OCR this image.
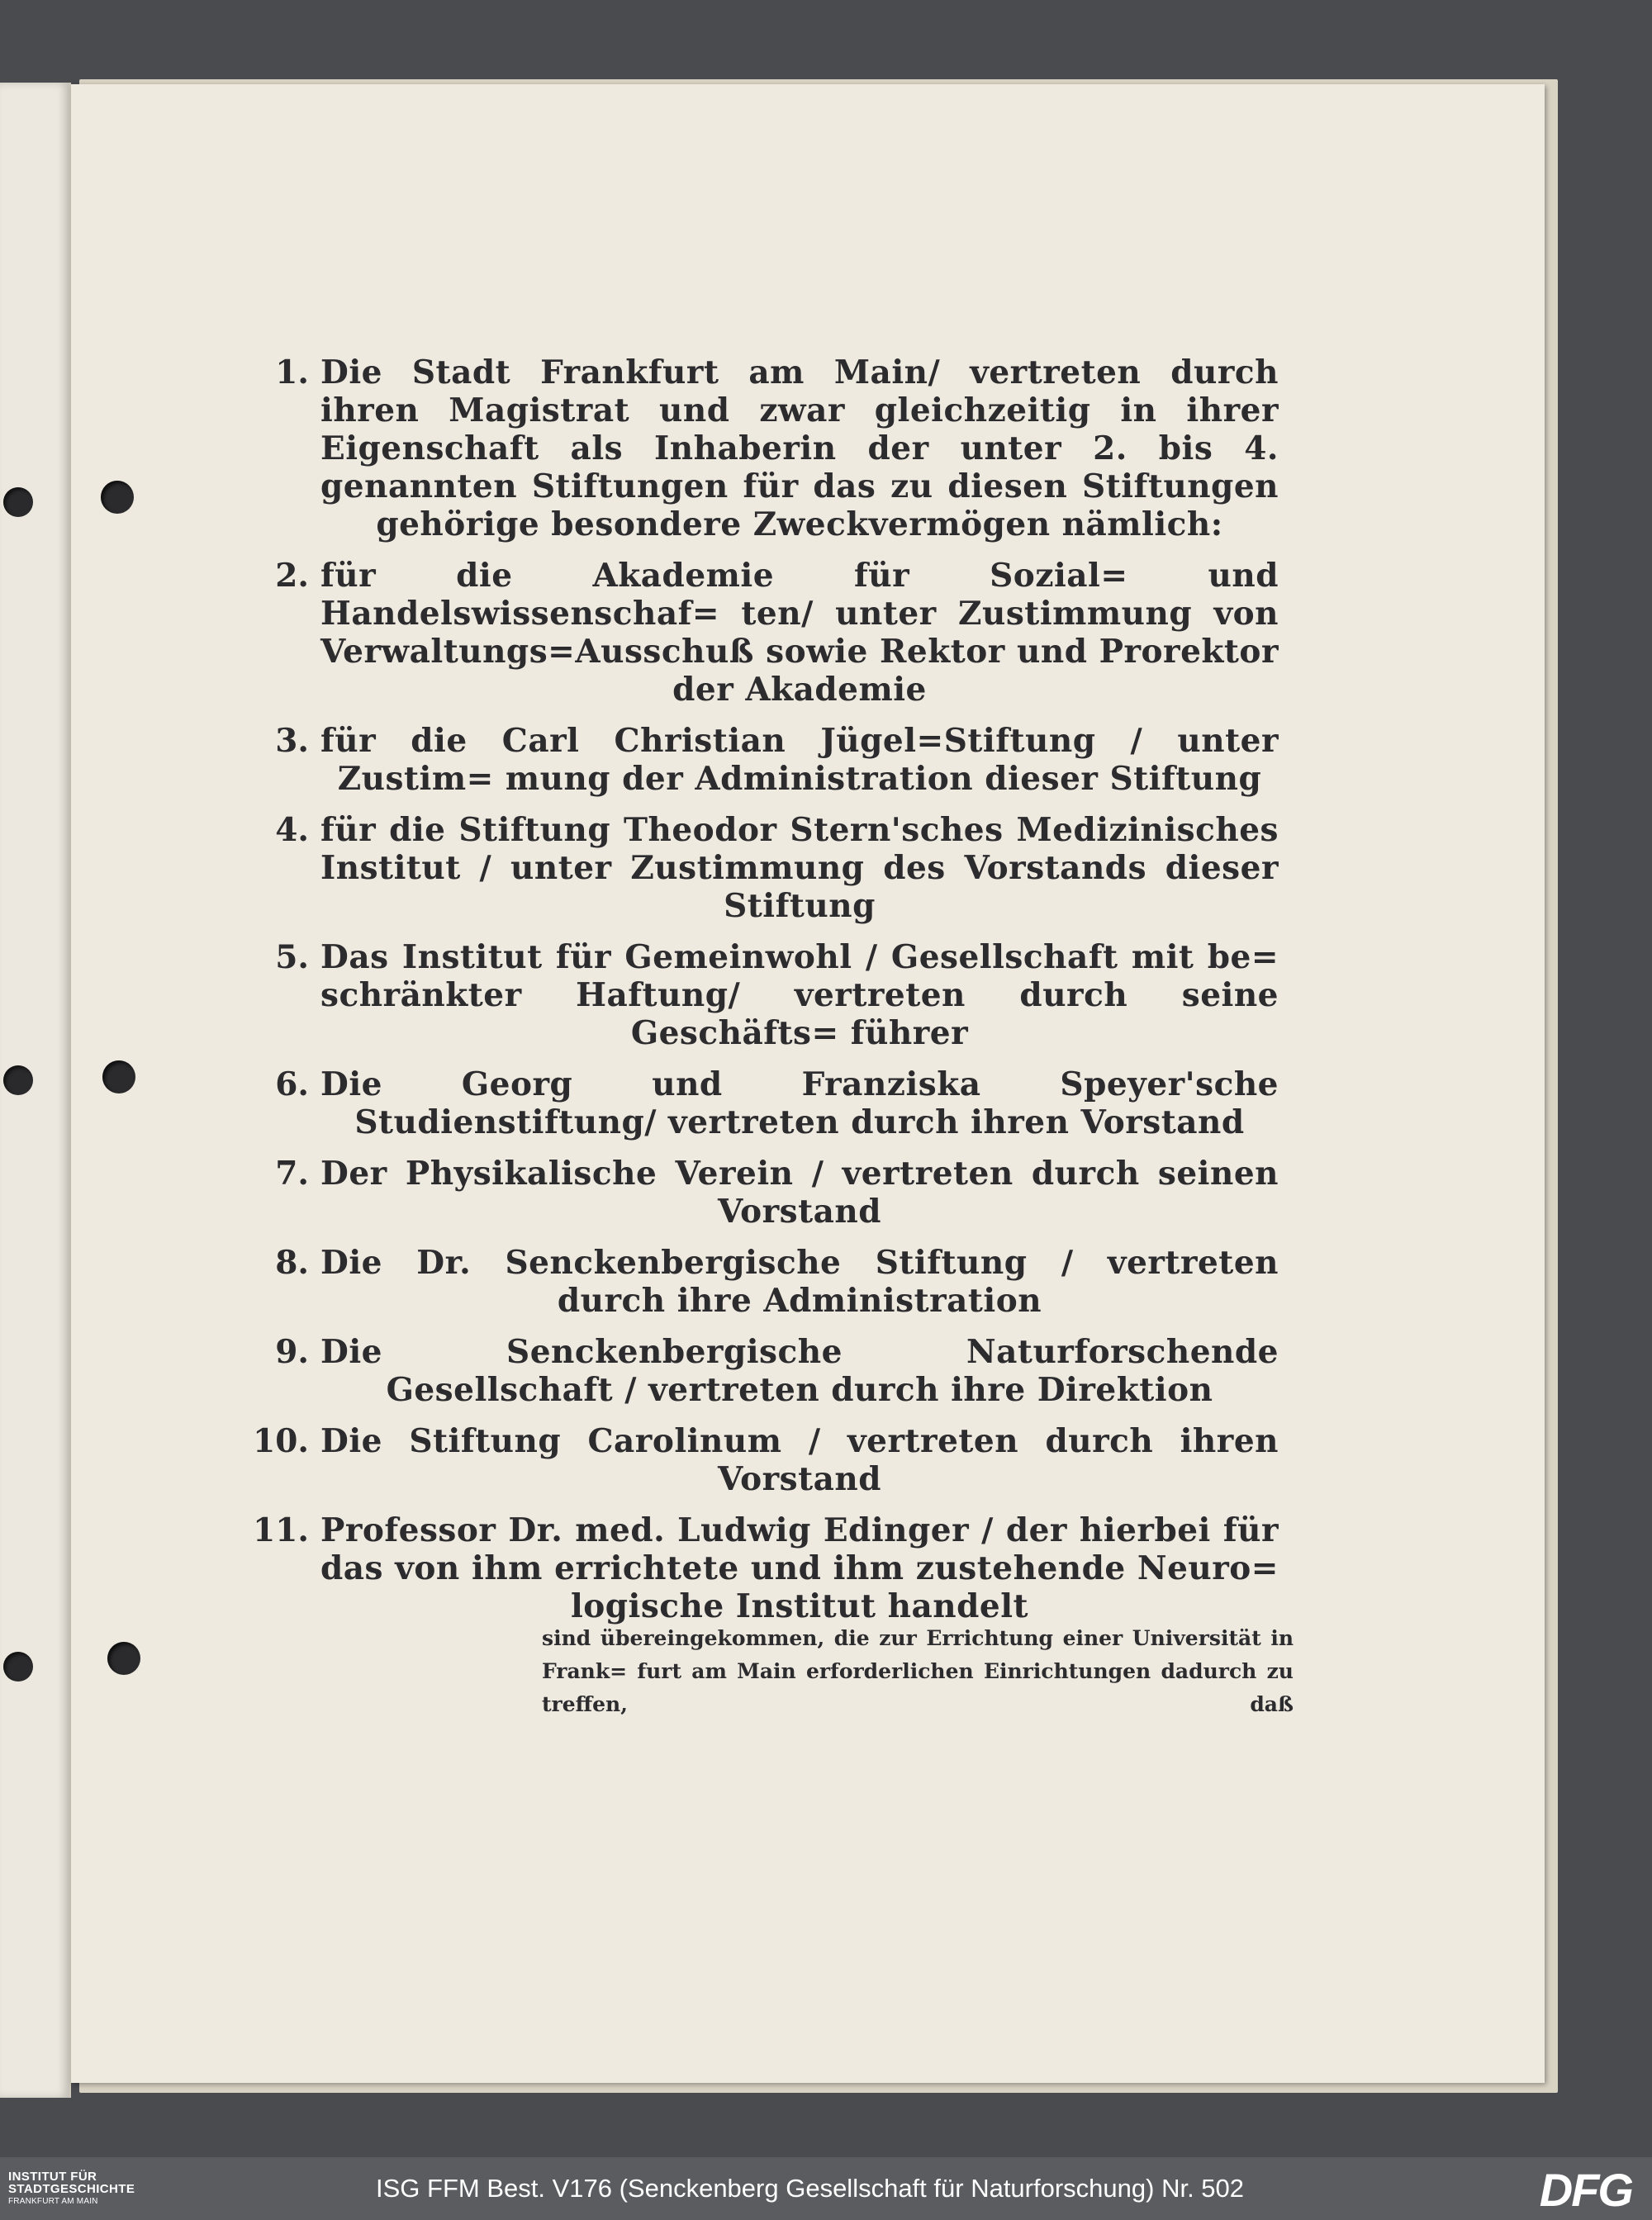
1. Die Stadt Frankfurt am Main/ vertreten durch ihren Magistrat und zwar gleichzeitig in ihrer Eigenschaft als Inhaberin der unter 2. bis 4. genannten Stiftungen für das zu diesen Stiftungen gehörige besondere Zweckvermögen nämlich:
2. für die Akademie für Sozial= und Handelswissenschaf= ten/ unter Zustimmung von Verwaltungs=Ausschuß sowie Rektor und Prorektor der Akademie
3. für die Carl Christian Jügel=Stiftung / unter Zustim= mung der Administration dieser Stiftung
4. für die Stiftung Theodor Stern'sches Medizinisches Institut / unter Zustimmung des Vorstands dieser Stiftung
5. Das Institut für Gemeinwohl / Gesellschaft mit be= schränkter Haftung/ vertreten durch seine Geschäfts= führer
6. Die Georg und Franziska Speyer'sche Studienstiftung/ vertreten durch ihren Vorstand
7. Der Physikalische Verein / vertreten durch seinen Vorstand
8. Die Dr. Senckenbergische Stiftung / vertreten durch ihre Administration
9. Die Senckenbergische Naturforschende Gesellschaft / vertreten durch ihre Direktion
10. Die Stiftung Carolinum / vertreten durch ihren Vorstand
11. Professor Dr. med. Ludwig Edinger / der hierbei für das von ihm errichtete und ihm zustehende Neuro= logische Institut handelt
sind übereingekommen, die zur Errichtung einer Universität in Frank= furt am Main erforderlichen Einrichtungen dadurch zu treffen, daß
INSTITUT FÜR
STADTGESCHICHTE
FRANKFURT AM MAIN	ISG FFM Best. V176 (Senckenberg Gesellschaft für Naturforschung) Nr. 502	DFG
